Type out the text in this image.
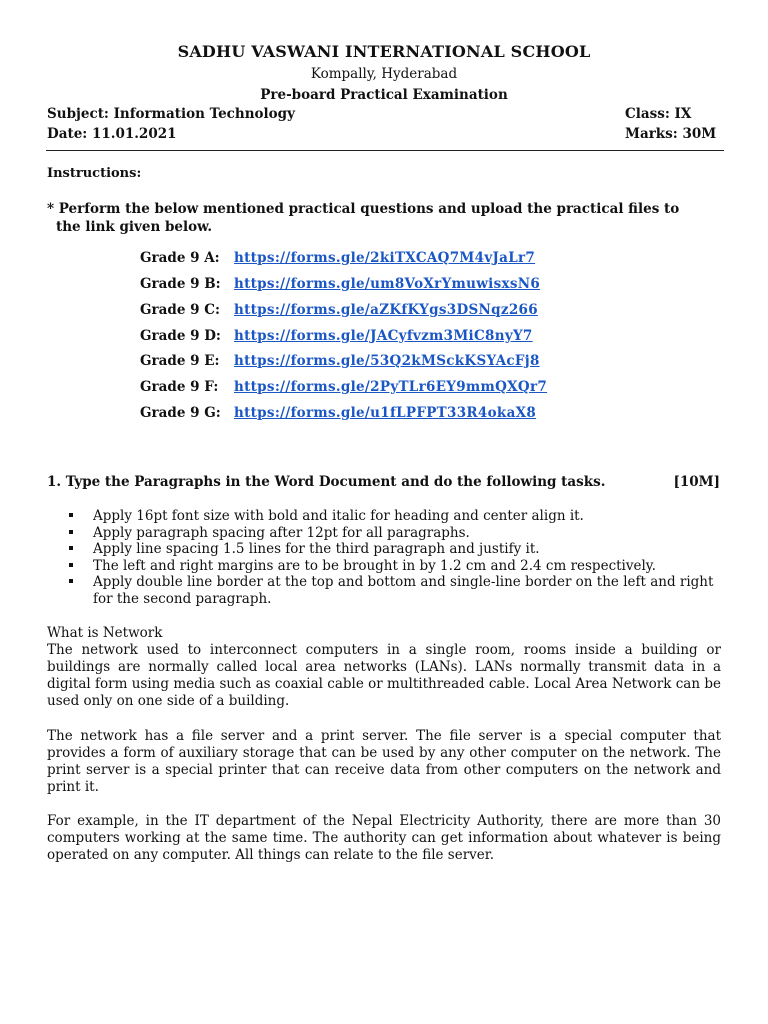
SADHU VASWANI INTERNATIONAL SCHOOL
Kompally, Hyderabad
Pre-board Practical Examination
Subject: Information Technology	Class: IX
Date: 11.01.2021	Marks: 30M
Instructions:
* Perform the below mentioned practical questions and upload the practical files to
the link given below.
Grade 9 A: https://forms.gle/2kiTXCAQ7M4vJaLr7
Grade 9 B: https://forms.gle/um8VoXrYmuwisxsN6
Grade 9 C: https://forms.gle/aZKfKYgs3DSNqz266
Grade 9 D: https://forms.gle/JACyfvzm3MiC8nyY7
Grade 9 E: https://forms.gle/53Q2kMSckKSYAcFj8
Grade 9 F: https://forms.gle/2PyTLr6EY9mmQXQr7
Grade 9 G: https://forms.gle/u1fLPFPT33R4okaX8
1. Type the Paragraphs in the Word Document and do the following tasks.	[10M]
Apply 16pt font size with bold and italic for heading and center align it.
Apply paragraph spacing after 12pt for all paragraphs.
Apply line spacing 1.5 lines for the third paragraph and justify it.
The left and right margins are to be brought in by 1.2 cm and 2.4 cm respectively.
Apply double line border at the top and bottom and single-line border on the left and right for the second paragraph.
What is Network
The network used to interconnect computers in a single room, rooms inside a building or buildings are normally called local area networks (LANs). LANs normally transmit data in a digital form using media such as coaxial cable or multithreaded cable. Local Area Network can be used only on one side of a building.
The network has a file server and a print server. The file server is a special computer that provides a form of auxiliary storage that can be used by any other computer on the network. The print server is a special printer that can receive data from other computers on the network and print it.
For example, in the IT department of the Nepal Electricity Authority, there are more than 30 computers working at the same time. The authority can get information about whatever is being operated on any computer. All things can relate to the file server.
